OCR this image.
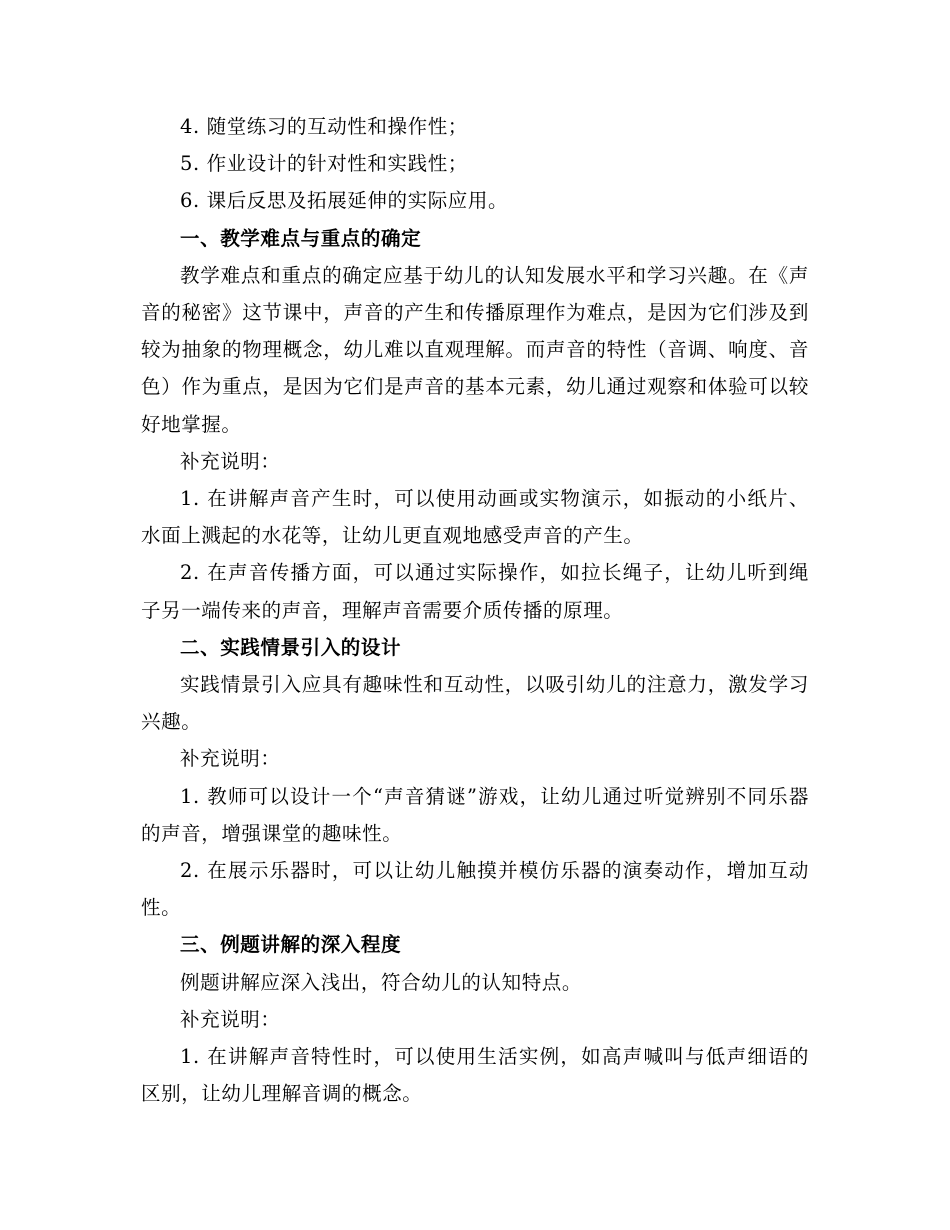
4. 随堂练习的互动性和操作性；

5. 作业设计的针对性和实践性；

6. 课后反思及拓展延伸的实际应用。

一、教学难点与重点的确定

教学难点和重点的确定应基于幼儿的认知发展水平和学习兴趣。在《声音的秘密》这节课中，声音的产生和传播原理作为难点，是因为它们涉及到较为抽象的物理概念，幼儿难以直观理解。而声音的特性（音调、响度、音色）作为重点，是因为它们是声音的基本元素，幼儿通过观察和体验可以较好地掌握。

补充说明：

1. 在讲解声音产生时，可以使用动画或实物演示，如振动的小纸片、水面上溅起的水花等，让幼儿更直观地感受声音的产生。

2. 在声音传播方面，可以通过实际操作，如拉长绳子，让幼儿听到绳子另一端传来的声音，理解声音需要介质传播的原理。

二、实践情景引入的设计

实践情景引入应具有趣味性和互动性，以吸引幼儿的注意力，激发学习兴趣。

补充说明：

1. 教师可以设计一个“声音猜谜”游戏，让幼儿通过听觉辨别不同乐器的声音，增强课堂的趣味性。

2. 在展示乐器时，可以让幼儿触摸并模仿乐器的演奏动作，增加互动性。

三、例题讲解的深入程度

例题讲解应深入浅出，符合幼儿的认知特点。

补充说明：

1. 在讲解声音特性时，可以使用生活实例，如高声喊叫与低声细语的区别，让幼儿理解音调的概念。
